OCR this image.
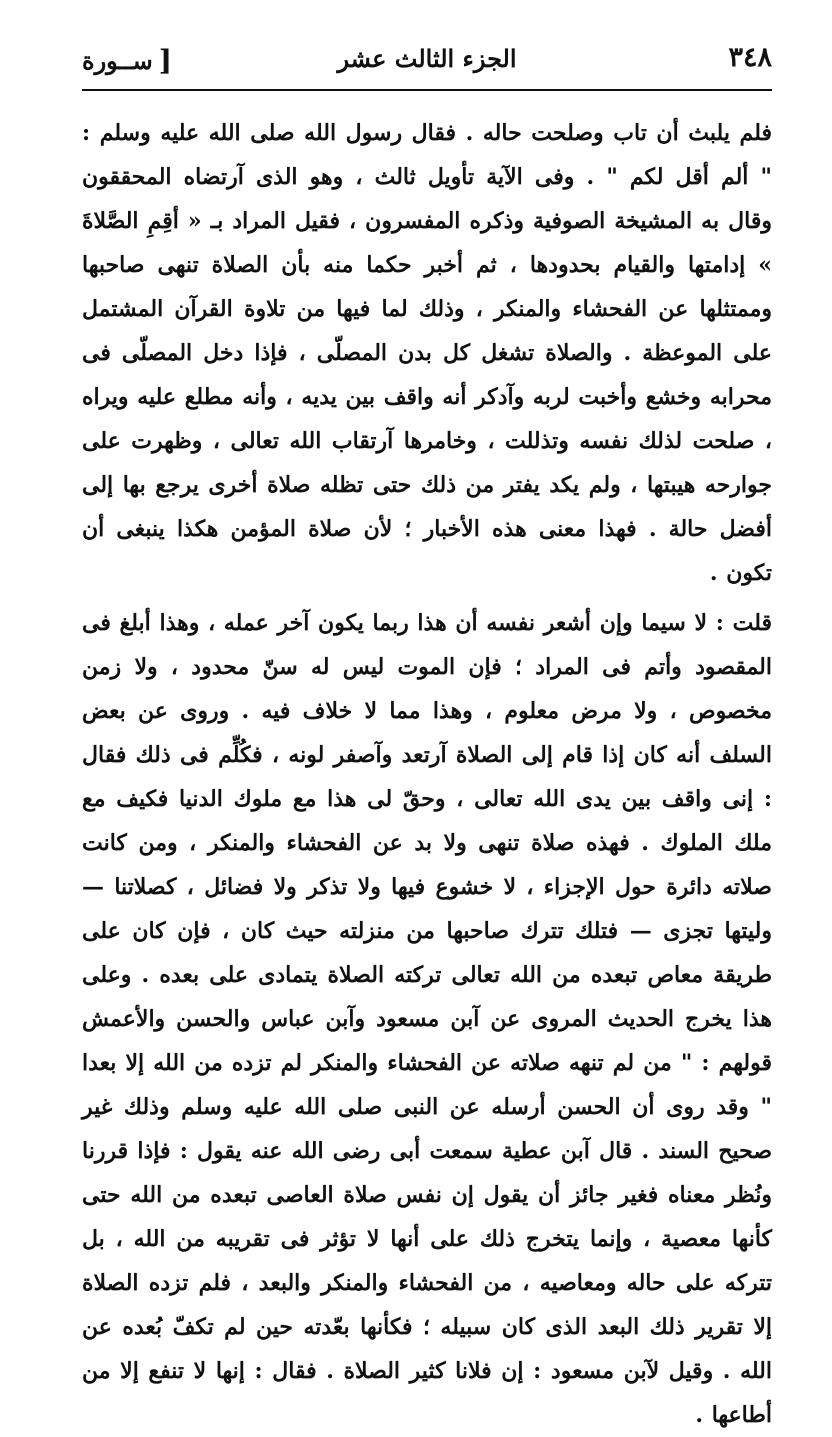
٣٤٨
الجزء الثالث عشر
[
ســورة

فلم يلبث أن تاب وصلحت حاله . فقال رسول الله صلى الله عليه وسلم : " ألم أقل لكم " . وفى الآية تأويل ثالث ، وهو الذى آرتضاه المحققون وقال به المشيخة الصوفية وذكره المفسرون ، فقيل المراد بـ « أقِمِ الصَّلاةَ » إدامتها والقيام بحدودها ، ثم أخبر حكما منه بأن الصلاة تنهى صاحبها وممتثلها عن الفحشاء والمنكر ، وذلك لما فيها من تلاوة القرآن المشتمل على الموعظة . والصلاة تشغل كل بدن المصلّى ، فإذا دخل المصلّى فى محرابه وخشع وأخبت لربه وآدكر أنه واقف بين يديه ، وأنه مطلع عليه ويراه ، صلحت لذلك نفسه وتذللت ، وخامرها آرتقاب الله تعالى ، وظهرت على جوارحه هيبتها ، ولم يكد يفتر من ذلك حتى تظله صلاة أخرى يرجع بها إلى أفضل حالة . فهذا معنى هذه الأخبار ؛ لأن صلاة المؤمن هكذا ينبغى أن تكون .

قلت : لا سيما وإن أشعر نفسه أن هذا ربما يكون آخر عمله ، وهذا أبلغ فى المقصود وأتم فى المراد ؛ فإن الموت ليس له سنّ محدود ، ولا زمن مخصوص ، ولا مرض معلوم ، وهذا مما لا خلاف فيه . وروى عن بعض السلف أنه كان إذا قام إلى الصلاة آرتعد وآصفر لونه ، فكُلِّم فى ذلك فقال : إنى واقف بين يدى الله تعالى ، وحقّ لى هذا مع ملوك الدنيا فكيف مع ملك الملوك . فهذه صلاة تنهى ولا بد عن الفحشاء والمنكر ، ومن كانت صلاته دائرة حول الإجزاء ، لا خشوع فيها ولا تذكر ولا فضائل ، كصلاتنا — وليتها تجزى — فتلك تترك صاحبها من منزلته حيث كان ، فإن كان على طريقة معاص تبعده من الله تعالى تركته الصلاة يتمادى على بعده . وعلى هذا يخرج الحديث المروى عن آبن مسعود وآبن عباس والحسن والأعمش قولهم : " من لم تنهه صلاته عن الفحشاء والمنكر لم تزده من الله إلا بعدا " وقد روى أن الحسن أرسله عن النبى صلى الله عليه وسلم وذلك غير صحيح السند . قال آبن عطية سمعت أبى رضى الله عنه يقول : فإذا قررنا ونُظر معناه فغير جائز أن يقول إن نفس صلاة العاصى تبعده من الله حتى كأنها معصية ، وإنما يتخرج ذلك على أنها لا تؤثر فى تقريبه من الله ، بل تتركه على حاله ومعاصيه ، من الفحشاء والمنكر والبعد ، فلم تزده الصلاة إلا تقرير ذلك البعد الذى كان سبيله ؛ فكأنها بعّدته حين لم تكفّ بُعده عن الله . وقيل لآبن مسعود : إن فلانا كثير الصلاة . فقال : إنها لا تنفع إلا من أطاعها .
